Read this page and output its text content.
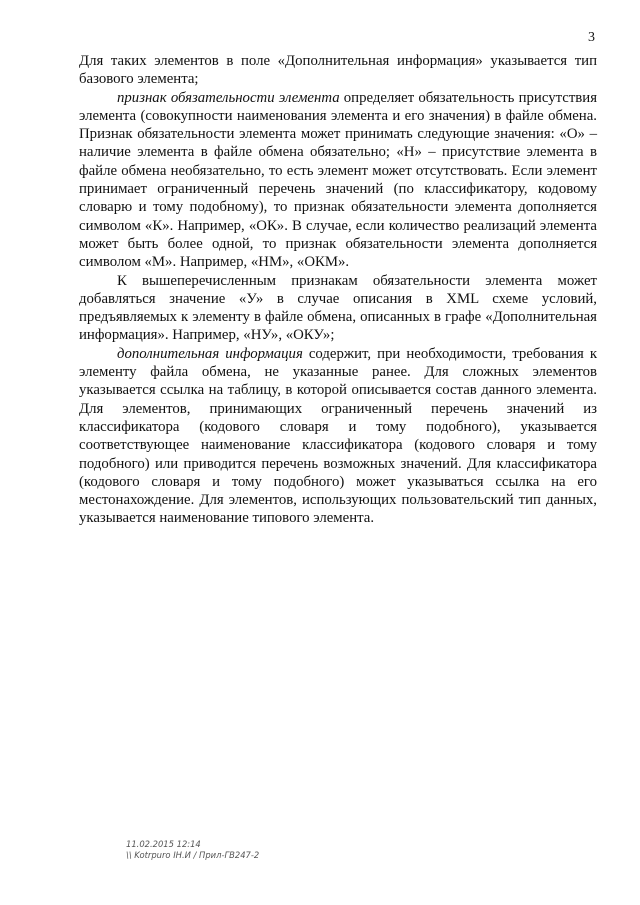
3

Для таких элементов в поле «Дополнительная информация» указывается тип базового элемента;

признак обязательности элемента определяет обязательность присутствия элемента (совокупности наименования элемента и его значения) в файле обмена. Признак обязательности элемента может принимать следующие значения: «О» – наличие элемента в файле обмена обязательно; «Н» – присутствие элемента в файле обмена необязательно, то есть элемент может отсутствовать. Если элемент принимает ограниченный перечень значений (по классификатору, кодовому словарю и тому подобному), то признак обязательности элемента дополняется символом «К». Например, «ОК». В случае, если количество реализаций элемента может быть более одной, то признак обязательности элемента дополняется символом «М». Например, «НМ», «ОКМ».

К вышеперечисленным признакам обязательности элемента может добавляться значение «У» в случае описания в XML схеме условий, предъявляемых к элементу в файле обмена, описанных в графе «Дополнительная информация». Например, «НУ», «ОКУ»;

дополнительная информация содержит, при необходимости, требования к элементу файла обмена, не указанные ранее. Для сложных элементов указывается ссылка на таблицу, в которой описывается состав данного элемента. Для элементов, принимающих ограниченный перечень значений из классификатора (кодового словаря и тому подобного), указывается соответствующее наименование классификатора (кодового словаря и тому подобного) или приводится перечень возможных значений. Для классификатора (кодового словаря и тому подобного) может указываться ссылка на его местонахождение. Для элементов, использующих пользовательский тип данных, указывается наименование типового элемента.

11.02.2015 12:14
\\ Kotrpuro IН.И / Прил-ГВ247-2
